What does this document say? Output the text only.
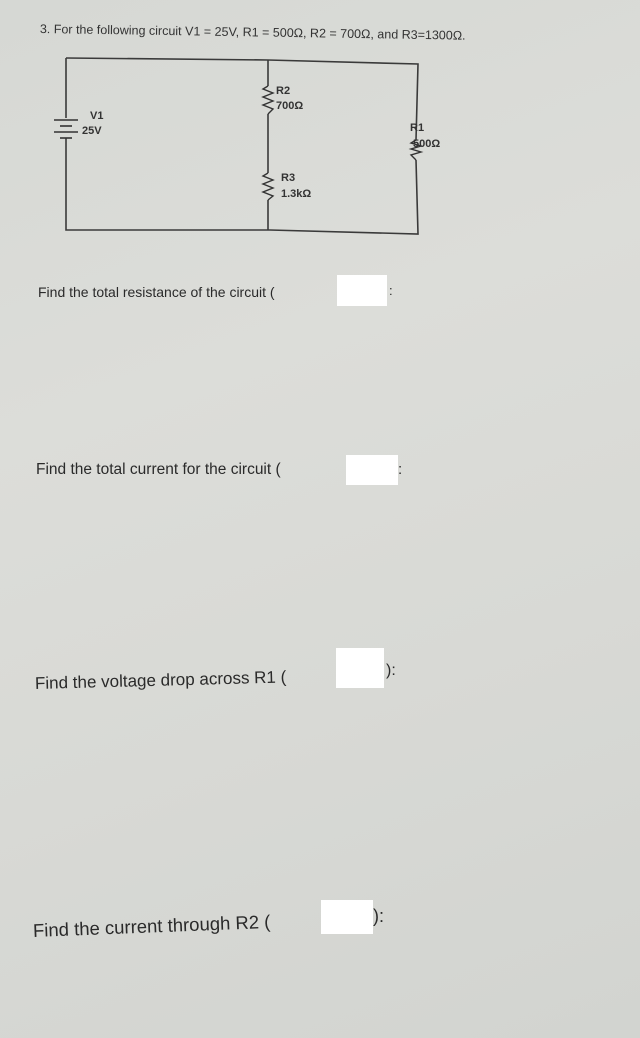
3. For the following circuit V1 = 25V, R1 = 500Ω, R2 = 700Ω, and R3=1300Ω.
V1
25V
R2
700Ω
R3
1.3kΩ
R1
500Ω
Find the total resistance of the circuit (	:
Find the total current for the circuit (	:
Find the voltage drop across R1 (	):
Find the current through R2 (	):
